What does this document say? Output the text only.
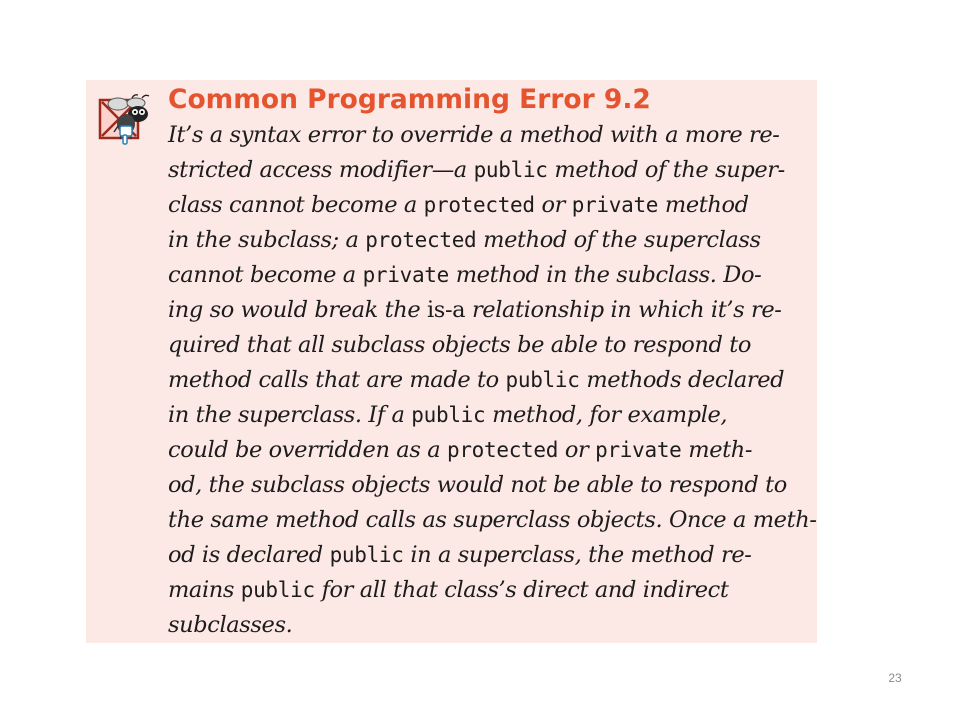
Common Programming Error 9.2
It’s a syntax error to override a method with a more re-
stricted access modifier—a public method of the super-
class cannot become a protected or private method
in the subclass; a protected method of the superclass
cannot become a private method in the subclass. Do-
ing so would break the is-a relationship in which it’s re-
quired that all subclass objects be able to respond to
method calls that are made to public methods declared
in the superclass. If a public method, for example,
could be overridden as a protected or private meth-
od, the subclass objects would not be able to respond to
the same method calls as superclass objects. Once a meth-
od is declared public in a superclass, the method re-
mains public for all that class’s direct and indirect
subclasses.
23
